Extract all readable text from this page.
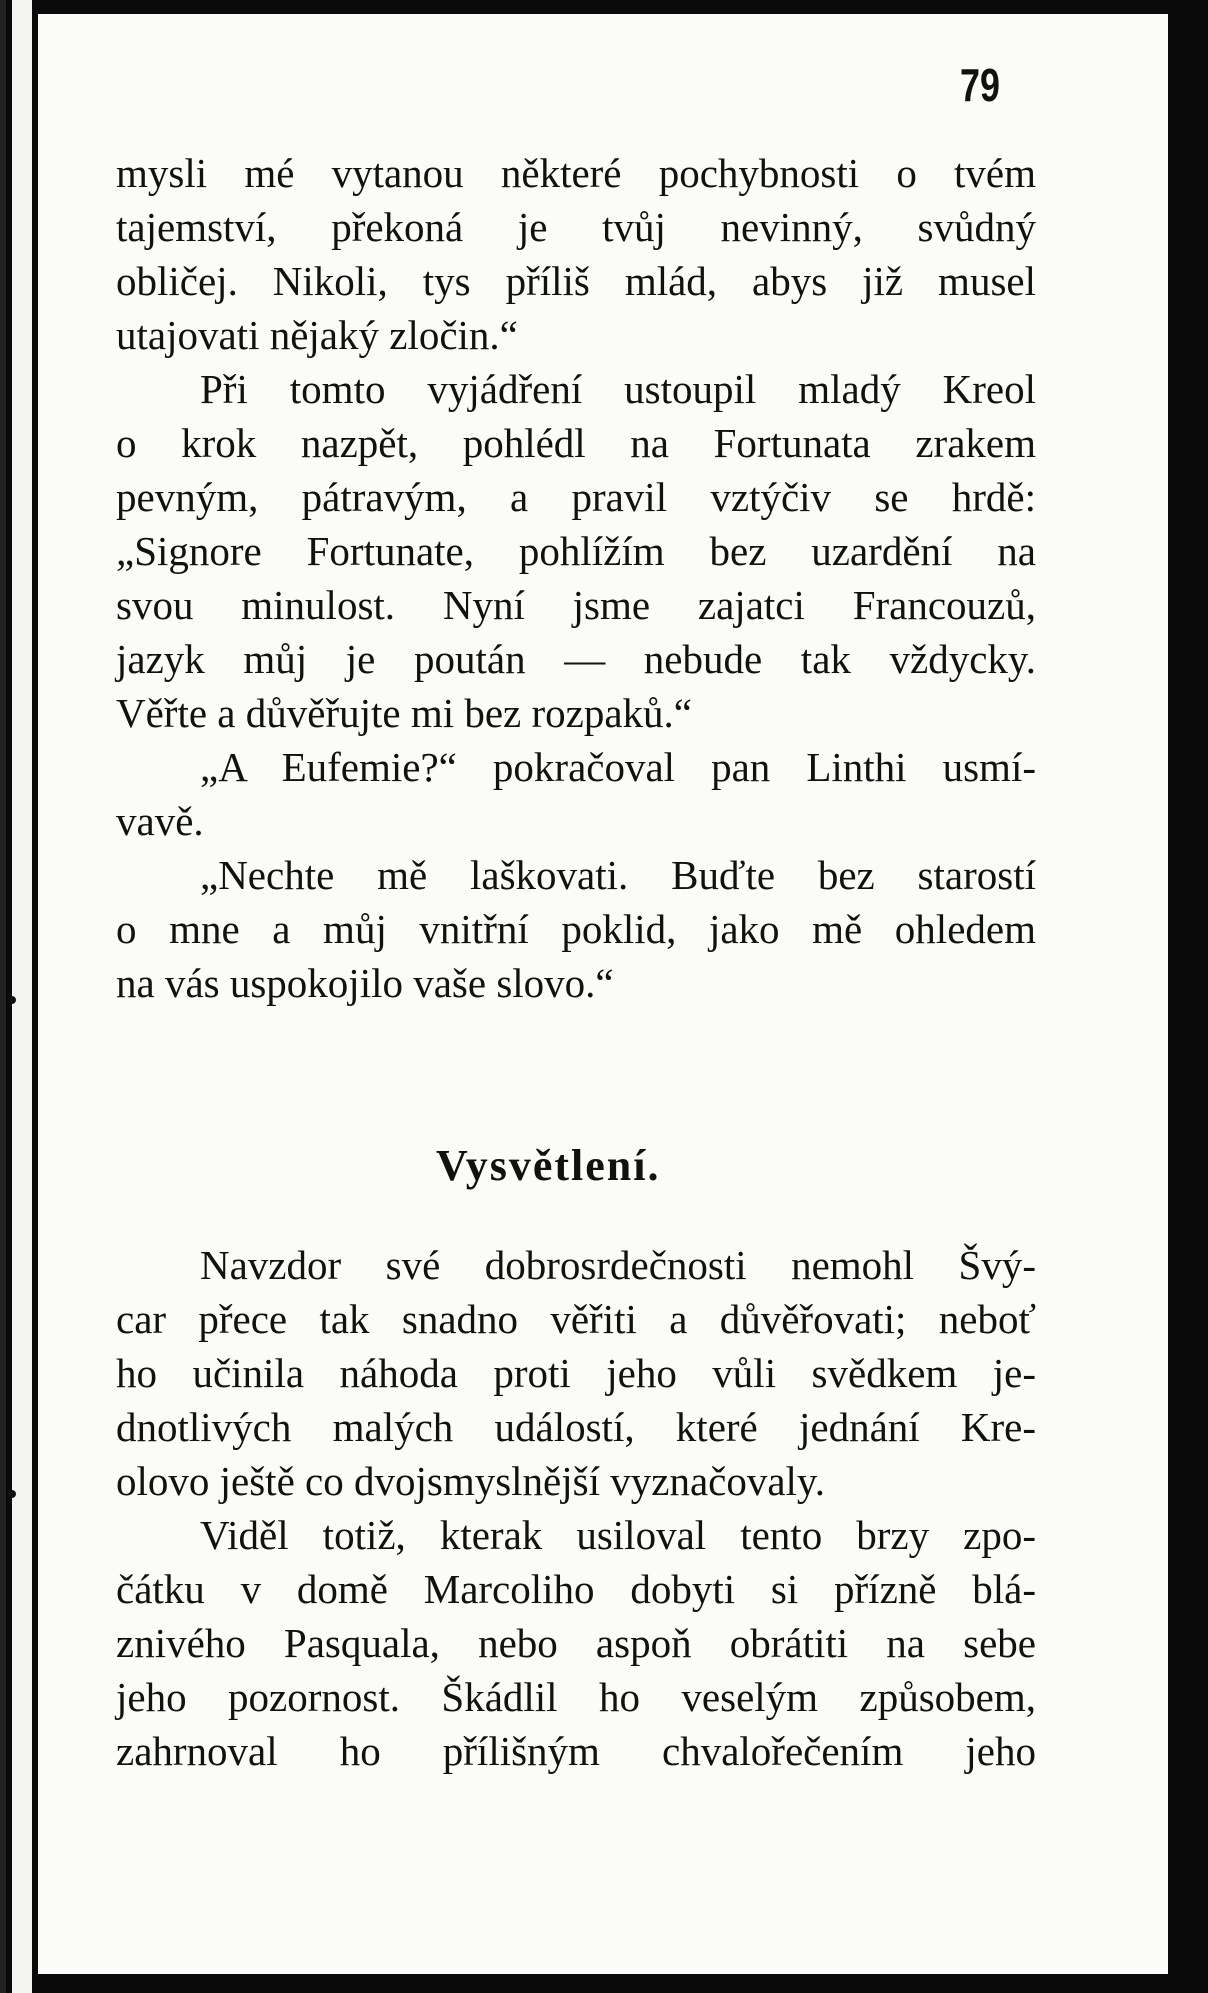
79

mysli mé vytanou některé pochybnosti o tvém

tajemství, překoná je tvůj nevinný, svůdný

obličej. Nikoli, tys příliš mlád, abys již musel

utajovati nějaký zločin.“

Při tomto vyjádření ustoupil mladý Kreol

o krok nazpět, pohlédl na Fortunata zrakem

pevným, pátravým, a pravil vztýčiv se hrdě:

„Signore Fortunate, pohlížím bez uzardění na

svou minulost. Nyní jsme zajatci Francouzů,

jazyk můj je poután — nebude tak vždycky.

Věřte a důvěřujte mi bez rozpaků.“

„A Eufemie?“ pokračoval pan Linthi usmí-

vavě.

„Nechte mě laškovati. Buďte bez starostí

o mne a můj vnitřní poklid, jako mě ohledem

na vás uspokojilo vaše slovo.“

Vysvětlení.

Navzdor své dobrosrdečnosti nemohl Švý-

car přece tak snadno věřiti a důvěřovati; neboť

ho učinila náhoda proti jeho vůli svědkem je-

dnotlivých malých událostí, které jednání Kre-

olovo ještě co dvojsmyslnější vyznačovaly.

Viděl totiž, kterak usiloval tento brzy zpo-

čátku v domě Marcoliho dobyti si přízně blá-

znivého Pasquala, nebo aspoň obrátiti na sebe

jeho pozornost. Škádlil ho veselým způsobem,

zahrnoval ho přílišným chvalořečením jeho
